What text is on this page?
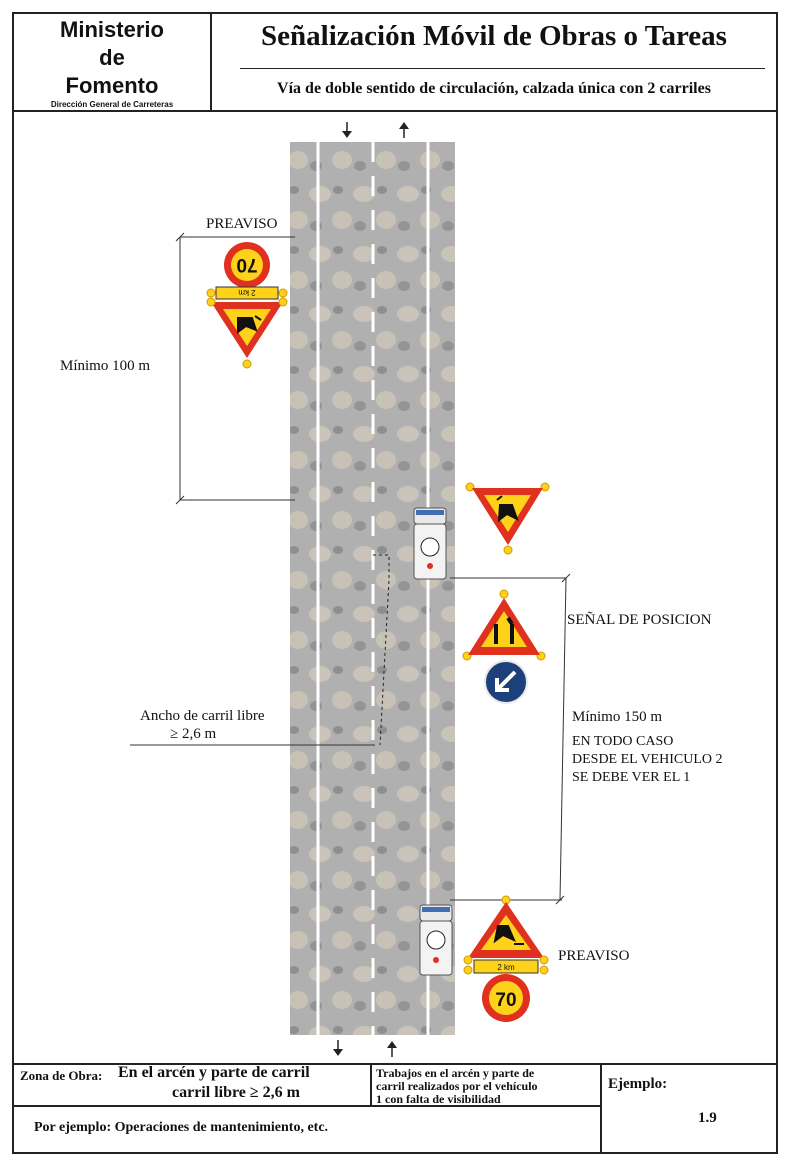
Ministerio
de
Fomento
Dirección General de Carreteras
Señalización Móvil de Obras o Tareas
Vía de doble sentido de circulación, calzada única con 2 carriles
70
2 km
2 km
70
PREAVISO
Mínimo 100 m
Ancho de carril libre
≥ 2,6 m
SEÑAL DE POSICION
Mínimo 150 m
EN TODO CASO
DESDE EL VEHICULO 2
SE DEBE VER EL 1
PREAVISO
Zona de Obra: En el arcén y parte de carril
carril libre ≥ 2,6 m
Trabajos en el arcén y parte de
carril realizados por el vehículo
1 con falta de visibilidad
Ejemplo:
1.9
Por ejemplo: Operaciones de mantenimiento, etc.
